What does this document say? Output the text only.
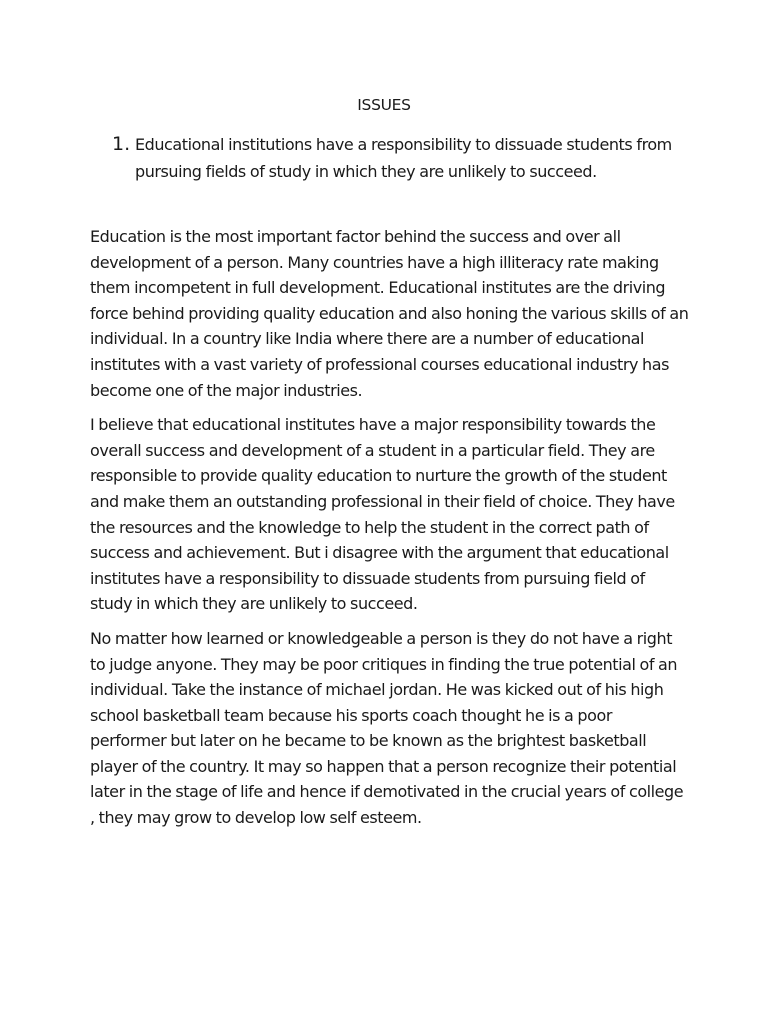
ISSUES
1. Educational institutions have a responsibility to dissuade students from pursuing fields of study in which they are unlikely to succeed.

Education is the most important factor behind the success and over all development of a person. Many countries have a high illiteracy rate making them incompetent in full development. Educational institutes are the driving force behind providing quality education and also honing the various skills of an individual. In a country like India where there are a number of educational institutes with a vast variety of professional courses educational industry has become one of the major industries.

I believe that educational institutes have a major responsibility towards the overall success and development of a student in a particular field. They are responsible to provide quality education to nurture the growth of the student and make them an outstanding professional in their field of choice. They have the resources and the knowledge to help the student in the correct path of success and achievement. But i disagree with the argument that educational institutes have a responsibility to dissuade students from pursuing field of study in which they are unlikely to succeed.

No matter how learned or knowledgeable a person is they do not have a right to judge anyone. They may be poor critiques in finding the true potential of an individual. Take the instance of michael jordan. He was kicked out of his high school basketball team because his sports coach thought he is a poor performer but later on he became to be known as the brightest basketball player of the country. It may so happen that a person recognize their potential later in the stage of life and hence if demotivated in the crucial years of college , they may grow to develop low self esteem.
